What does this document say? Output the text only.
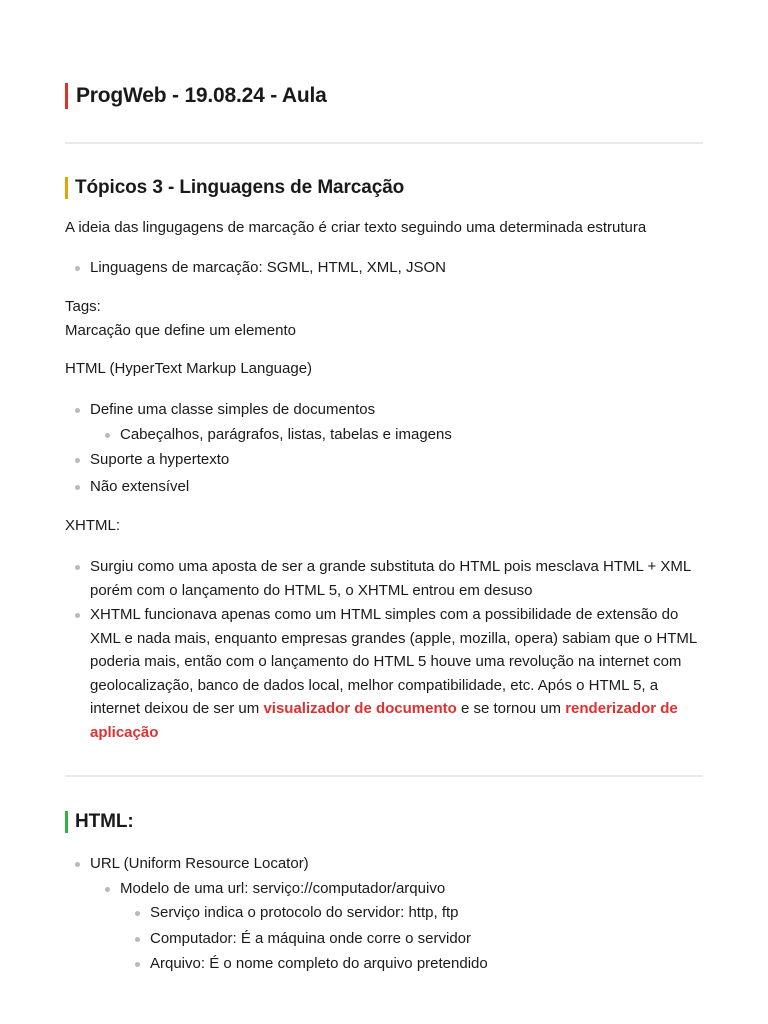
ProgWeb - 19.08.24 - Aula
Tópicos 3 - Linguagens de Marcação

A ideia das lingugagens de marcação é criar texto seguindo uma determinada estrutura

Linguagens de marcação: SGML, HTML, XML, JSON

Tags:

Marcação que define um elemento

HTML (HyperText Markup Language)

Define uma classe simples de documentos
Cabeçalhos, parágrafos, listas, tabelas e imagens
Suporte a hypertexto
Não extensível

XHTML:

Surgiu como uma aposta de ser a grande substituta do HTML pois mesclava HTML + XML porém com o lançamento do HTML 5, o XHTML entrou em desuso
XHTML funcionava apenas como um HTML simples com a possibilidade de extensão do XML e nada mais, enquanto empresas grandes (apple, mozilla, opera) sabiam que o HTML poderia mais, então com o lançamento do HTML 5 houve uma revolução na internet com geolocalização, banco de dados local, melhor compatibilidade, etc. Após o HTML 5, a internet deixou de ser um visualizador de documento e se tornou um renderizador de aplicação
HTML:
URL (Uniform Resource Locator)
Modelo de uma url: serviço://computador/arquivo
Serviço indica o protocolo do servidor: http, ftp
Computador: É a máquina onde corre o servidor
Arquivo: É o nome completo do arquivo pretendido
